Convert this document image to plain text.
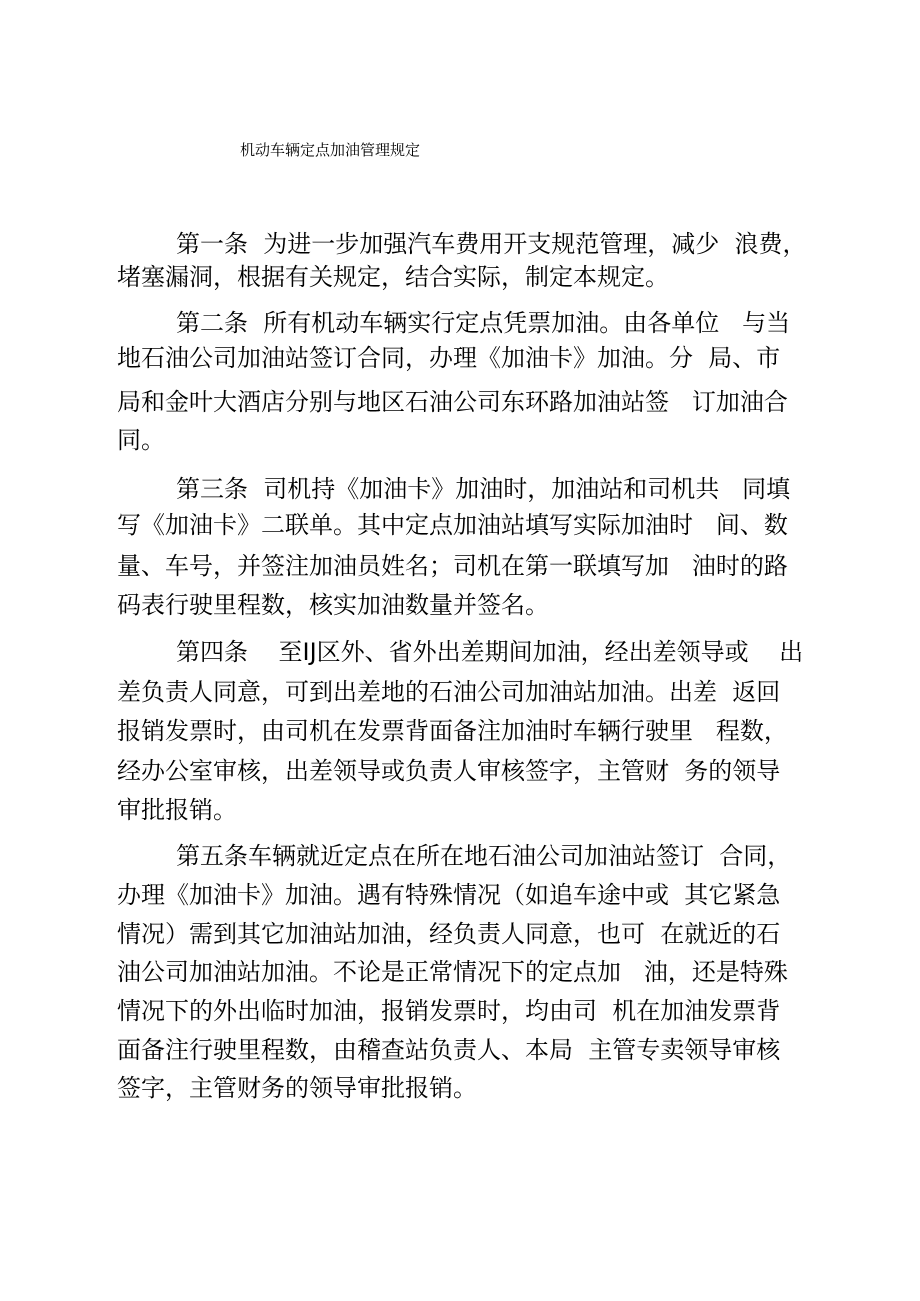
机动车辆定点加油管理规定
第一条  为进一步加强汽车费用开支规范管理，减少  浪费，
堵塞漏洞，根据有关规定，结合实际，制定本规定。
第二条  所有机动车辆实行定点凭票加油。由各单位   与当
地石油公司加油站签订合同，办理《加油卡》加油。分  局、市
局和金叶大酒店分别与地区石油公司东环路加油站签   订加油合
同。
第三条  司机持《加油卡》加油时，加油站和司机共   同填
写《加油卡》二联单。其中定点加油站填写实际加油时   间、数
量、车号，并签注加油员姓名；司机在第一联填写加   油时的路
码表行驶里程数，核实加油数量并签名。
第四条    至IJ区外、省外出差期间加油，经出差领导或    出
差负责人同意，可到出差地的石油公司加油站加油。出差  返回
报销发票时，由司机在发票背面备注加油时车辆行驶里   程数，
经办公室审核，出差领导或负责人审核签字，主管财  务的领导
审批报销。
第五条车辆就近定点在所在地石油公司加油站签订  合同，
办理《加油卡》加油。遇有特殊情况（如追车途中或  其它紧急
情况）需到其它加油站加油，经负责人同意，也可  在就近的石
油公司加油站加油。不论是正常情况下的定点加   油，还是特殊
情况下的外出临时加油，报销发票时，均由司  机在加油发票背
面备注行驶里程数，由稽查站负责人、本局  主管专卖领导审核
签字，主管财务的领导审批报销。
